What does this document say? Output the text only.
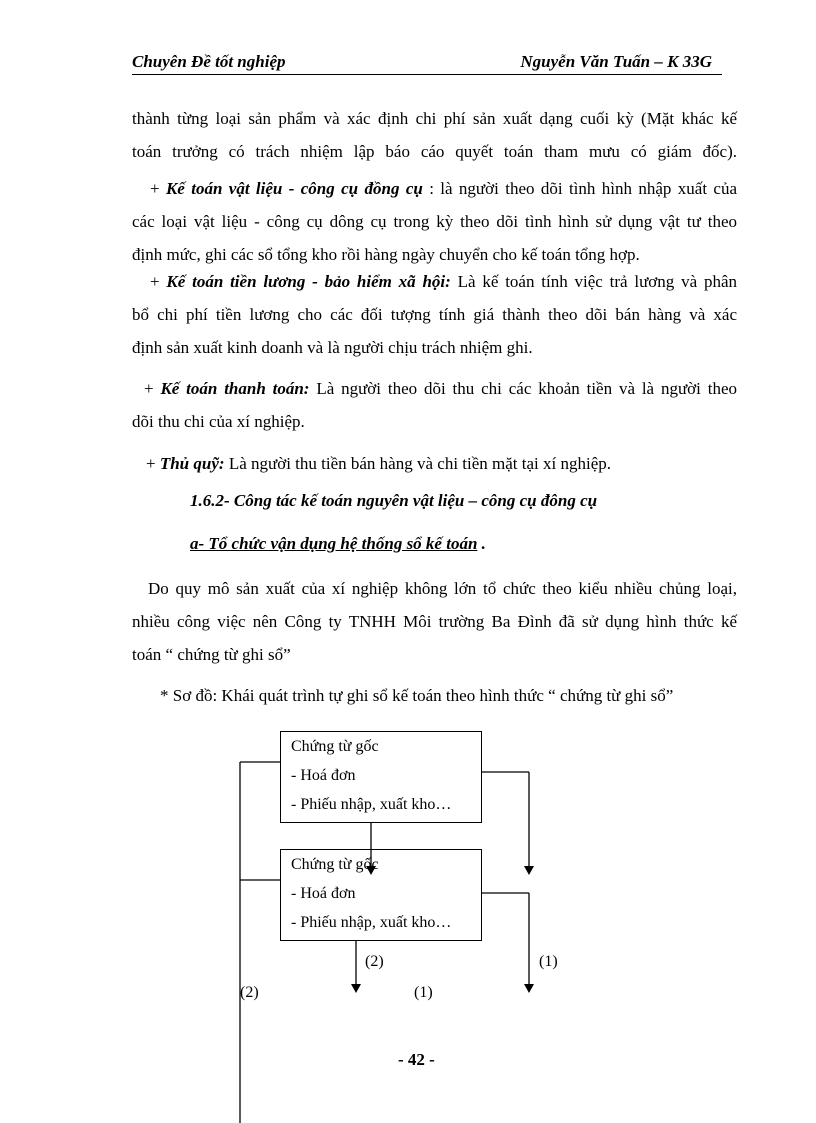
Chuyên Đề tốt nghiệp	Nguyễn Văn Tuấn – K 33G
thành từng loại sản phẩm và xác định chi phí sản xuất dạng cuối kỳ (Mặt khác kế
toán trưởng có trách nhiệm lập báo cáo quyết toán tham mưu có giám đốc).
+ Kế toán vật liệu - công cụ đồng cụ : là người theo dõi tình hình nhập xuất của
các loại vật liệu - công cụ dông cụ trong kỳ theo dõi tình hình sử dụng vật tư theo
định mức, ghi các sổ tổng kho rồi hàng ngày chuyển cho kế toán tổng hợp.
+ Kế toán tiền lương - bảo hiểm xã hội: Là kế toán tính việc trả lương và phân
bổ chi phí tiền lương cho các đối tượng tính giá thành theo dõi bán hàng và xác
định sản xuất kinh doanh và là người chịu trách nhiệm ghi.
+ Kế toán thanh toán: Là người theo dõi thu chi các khoản tiền và là người theo
dõi thu chi của xí nghiệp.
+ Thủ quỹ: Là người thu tiền bán hàng và chi tiền mặt tại xí nghiệp.
1.6.2- Công tác kế toán nguyên vật liệu – công cụ đông cụ
a- Tổ chức vận dụng hệ thống sổ kế toán .
Do quy mô sản xuất của xí nghiệp không lớn tổ chức theo kiểu nhiều chủng loại,
nhiều công việc nên Công ty TNHH Môi trường Ba Đình đã sử dụng hình thức kế
toán “ chứng từ ghi sổ”
* Sơ đồ: Khái quát trình tự ghi sổ kế toán theo hình thức “ chứng từ ghi sổ”
Chứng từ gốc
- Hoá đơn
- Phiếu nhập, xuất kho…
Chứng từ gốc
- Hoá đơn
- Phiếu nhập, xuất kho…
(1)
(2)
(1)
(2)
- 42 -
